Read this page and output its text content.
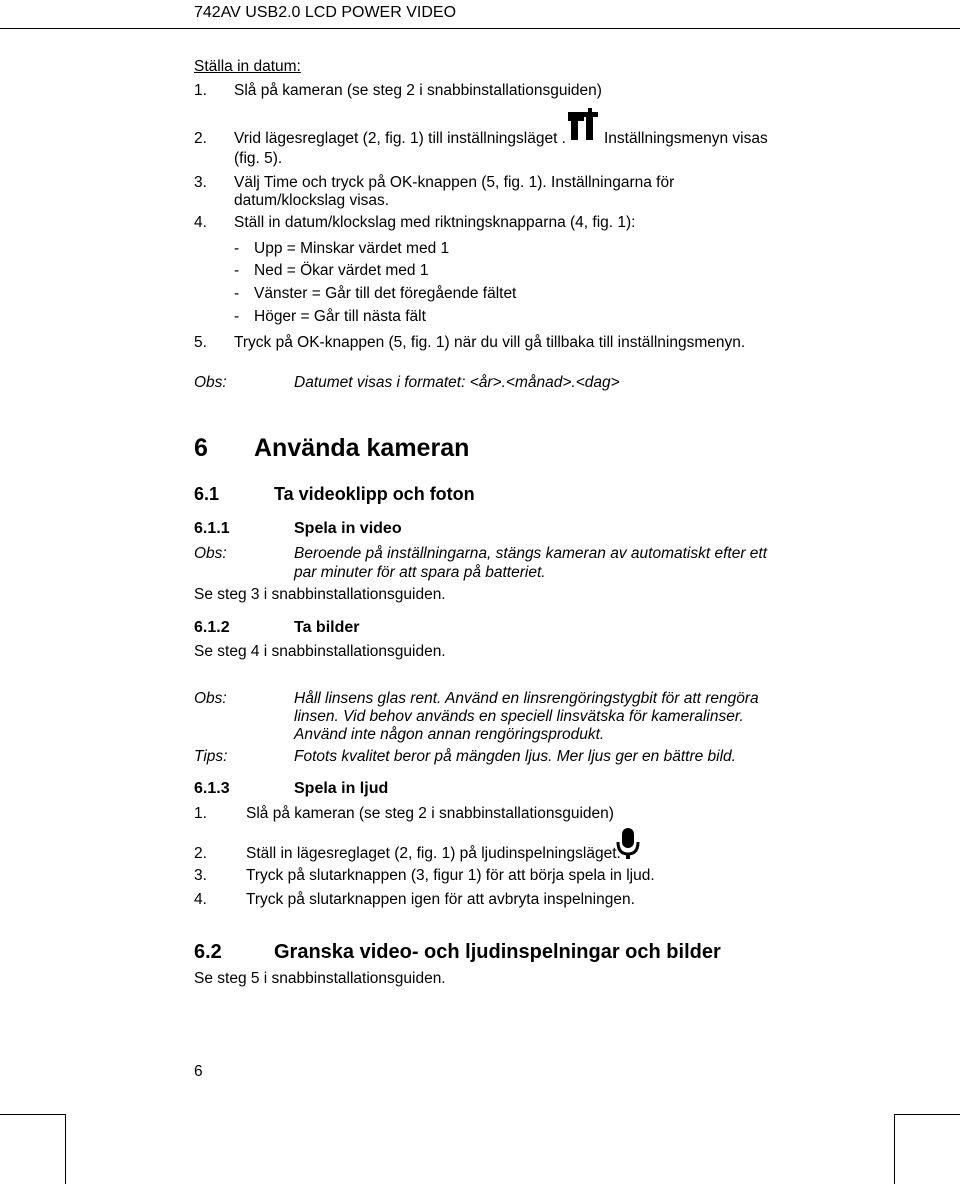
742AV USB2.0 LCD POWER VIDEO
Ställa in datum:
1. Slå på kameran (se steg 2 i snabbinstallationsguiden)
2. Vrid lägesreglaget (2, fig. 1) till inställningsläget . Inställningsmenyn visas
(fig. 5).
3. Välj Time och tryck på OK-knappen (5, fig. 1). Inställningarna för
datum/klockslag visas.
4. Ställ in datum/klockslag med riktningsknapparna (4, fig. 1):
- Upp = Minskar värdet med 1
- Ned = Ökar värdet med 1
- Vänster = Går till det föregående fältet
- Höger = Går till nästa fält
5. Tryck på OK-knappen (5, fig. 1) när du vill gå tillbaka till inställningsmenyn.
Obs:	Datumet visas i formatet: <år>.<månad>.<dag>
6 Använda kameran
6.1	Ta videoklipp och foton
6.1.1	Spela in video
Obs:	Beroende på inställningarna, stängs kameran av automatiskt efter ett
par minuter för att spara på batteriet.
Se steg 3 i snabbinstallationsguiden.
6.1.2	Ta bilder
Se steg 4 i snabbinstallationsguiden.
Obs:	Håll linsens glas rent. Använd en linsrengöringstygbit för att rengöra
linsen. Vid behov används en speciell linsvätska för kameralinser.
Använd inte någon annan rengöringsprodukt.
Tips:	Fotots kvalitet beror på mängden ljus. Mer ljus ger en bättre bild.
6.1.3	Spela in ljud
1.	Slå på kameran (se steg 2 i snabbinstallationsguiden)
2.	Ställ in lägesreglaget (2, fig. 1) på ljudinspelningsläget.
3.	Tryck på slutarknappen (3, figur 1) för att börja spela in ljud.
4.	Tryck på slutarknappen igen för att avbryta inspelningen.
6.2	Granska video- och ljudinspelningar och bilder
Se steg 5 i snabbinstallationsguiden.
6
